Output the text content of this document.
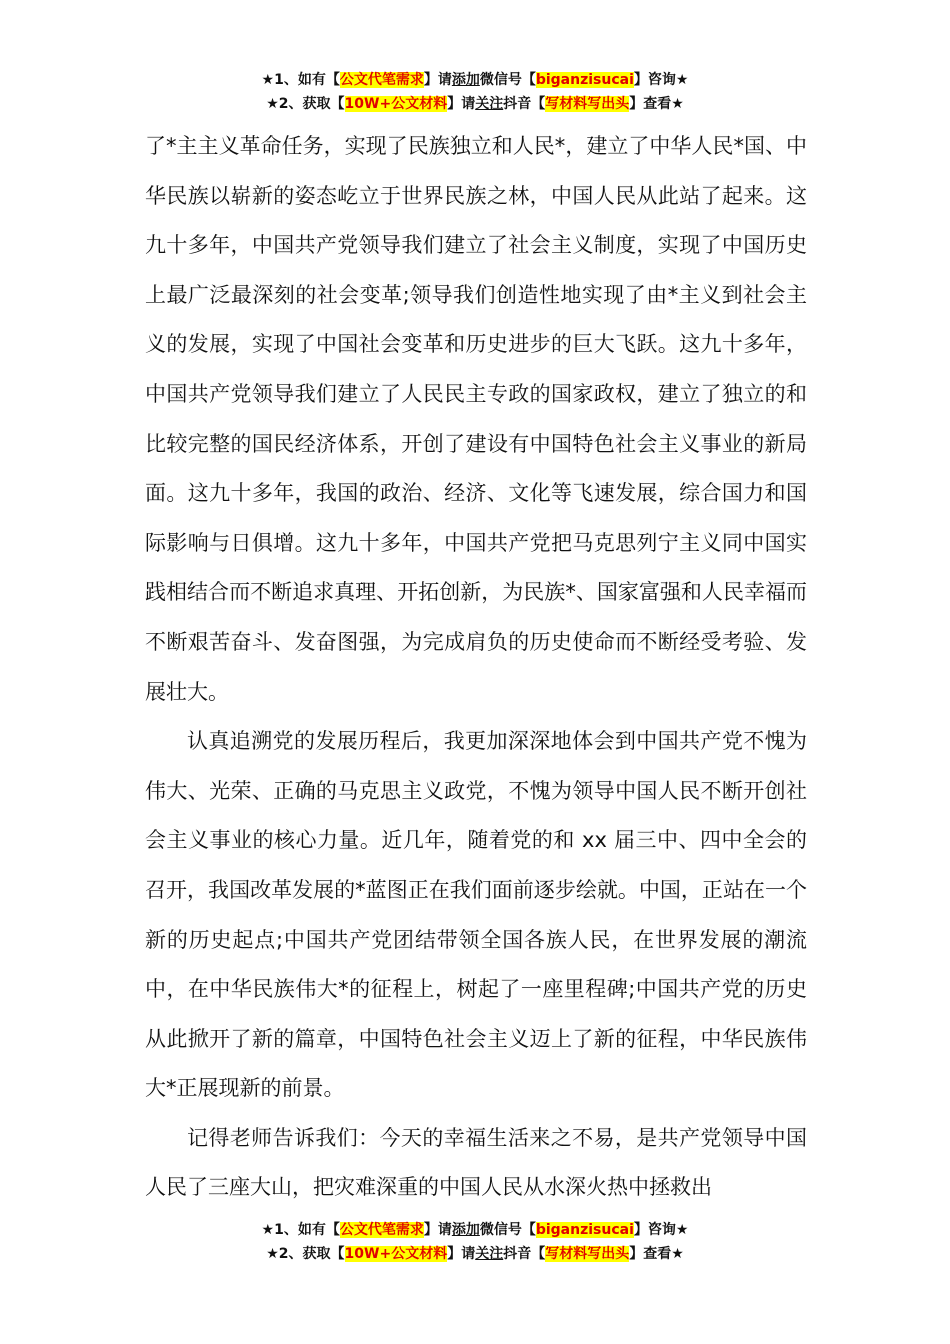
★1、如有【公文代笔需求】请添加微信号【biganzisucai】咨询★
★2、获取【10W+公文材料】请关注抖音【写材料写出头】查看★

了*主主义革命任务，实现了民族独立和人民*，建立了中华人民*国、中华民族以崭新的姿态屹立于世界民族之林，中国人民从此站了起来。这九十多年，中国共产党领导我们建立了社会主义制度，实现了中国历史上最广泛最深刻的社会变革;领导我们创造性地实现了由*主义到社会主义的发展，实现了中国社会变革和历史进步的巨大飞跃。这九十多年，中国共产党领导我们建立了人民民主专政的国家政权，建立了独立的和比较完整的国民经济体系，开创了建设有中国特色社会主义事业的新局面。这九十多年，我国的政治、经济、文化等飞速发展，综合国力和国际影响与日俱增。这九十多年，中国共产党把马克思列宁主义同中国实践相结合而不断追求真理、开拓创新，为民族*、国家富强和人民幸福而不断艰苦奋斗、发奋图强，为完成肩负的历史使命而不断经受考验、发展壮大。

认真追溯党的发展历程后，我更加深深地体会到中国共产党不愧为伟大、光荣、正确的马克思主义政党，不愧为领导中国人民不断开创社会主义事业的核心力量。近几年，随着党的和 xx 届三中、四中全会的召开，我国改革发展的*蓝图正在我们面前逐步绘就。中国，正站在一个新的历史起点;中国共产党团结带领全国各族人民，在世界发展的潮流中，在中华民族伟大*的征程上，树起了一座里程碑;中国共产党的历史从此掀开了新的篇章，中国特色社会主义迈上了新的征程，中华民族伟大*正展现新的前景。

记得老师告诉我们：今天的幸福生活来之不易，是共产党领导中国人民了三座大山，把灾难深重的中国人民从水深火热中拯救出

★1、如有【公文代笔需求】请添加微信号【biganzisucai】咨询★
★2、获取【10W+公文材料】请关注抖音【写材料写出头】查看★
